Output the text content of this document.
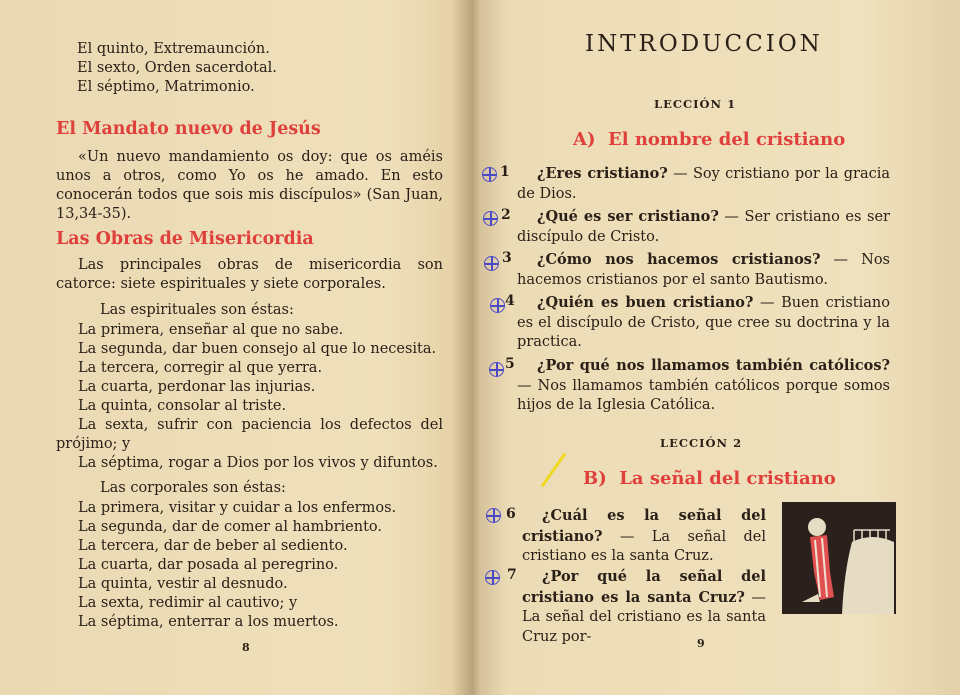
El quinto, Extremaunción.
El sexto, Orden sacerdotal.
El séptimo, Matrimonio.
El Mandato nuevo de Jesús
«Un nuevo mandamiento os doy: que os améis unos a otros, como Yo os he amado. En esto conocerán todos que sois mis discípulos» (San Juan, 13,34-35).
Las Obras de Misericordia
Las principales obras de misericordia son catorce: siete espirituales y siete corporales.
Las espirituales son éstas:
La primera, enseñar al que no sabe.
La segunda, dar buen consejo al que lo necesita.
La tercera, corregir al que yerra.
La cuarta, perdonar las injurias.
La quinta, consolar al triste.
La sexta, sufrir con paciencia los defectos del prójimo; y
La séptima, rogar a Dios por los vivos y difuntos.
Las corporales son éstas:
La primera, visitar y cuidar a los enfermos.
La segunda, dar de comer al hambriento.
La tercera, dar de beber al sediento.
La cuarta, dar posada al peregrino.
La quinta, vestir al desnudo.
La sexta, redimir al cautivo; y
La séptima, enterrar a los muertos.
8
INTRODUCCION
LECCIÓN 1
A)  El nombre del cristiano
1	¿Eres cristiano? — Soy cristiano por la gracia de Dios.
2	¿Qué es ser cristiano? — Ser cristiano es ser discípulo de Cristo.
3	¿Cómo nos hacemos cristianos? — Nos hacemos cristianos por el santo Bautismo.
4	¿Quién es buen cristiano? — Buen cristiano es el discípulo de Cristo, que cree su doctrina y la practica.
5	¿Por qué nos llamamos también católicos? — Nos llamamos también católicos porque somos hijos de la Iglesia Católica.
LECCIÓN 2
B)  La señal del cristiano
6	¿Cuál es la señal del cristiano? — La señal del cristiano es la santa Cruz.
7	¿Por qué la señal del cristiano es la santa Cruz? — La señal del cristiano es la santa Cruz por-	9
